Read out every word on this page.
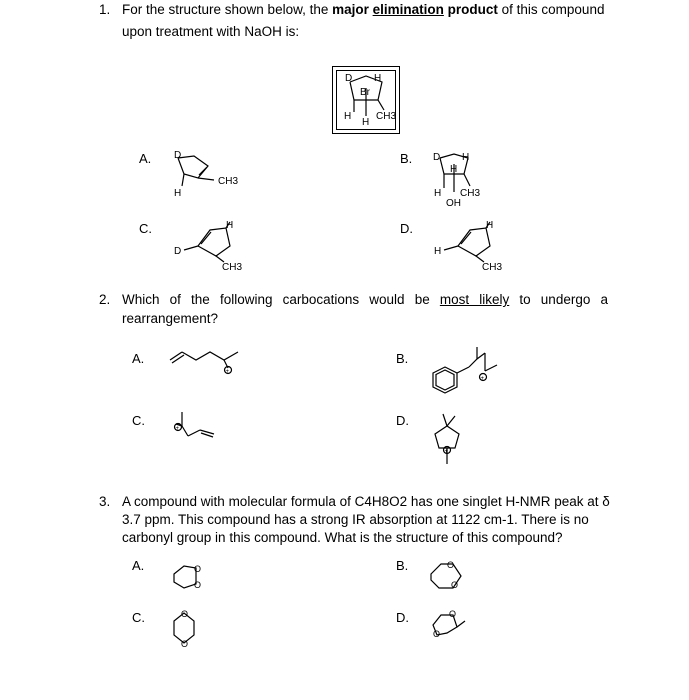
1. For the structure shown below, the major elimination product of this compound
upon treatment with NaOH is:
D H
Br
H
H
CH3
A. D
H
CH3
B. D H
H
H CH3
OH
C.
D
H
CH3
D.
H
H
CH3
2. Which of the following carbocations would be most likely to undergo a
rearrangement?
A.
+
B.
+
C.
+
D.
+
3. A compound with molecular formula of C4H8O2 has one singlet H-NMR peak at δ
3.7 ppm. This compound has a strong IR absorption at 1122 cm-1. There is no
carbonyl group in this compound. What is the structure of this compound?
A.	O
O
B.	O
O
C.	O
O
D.	O
O
